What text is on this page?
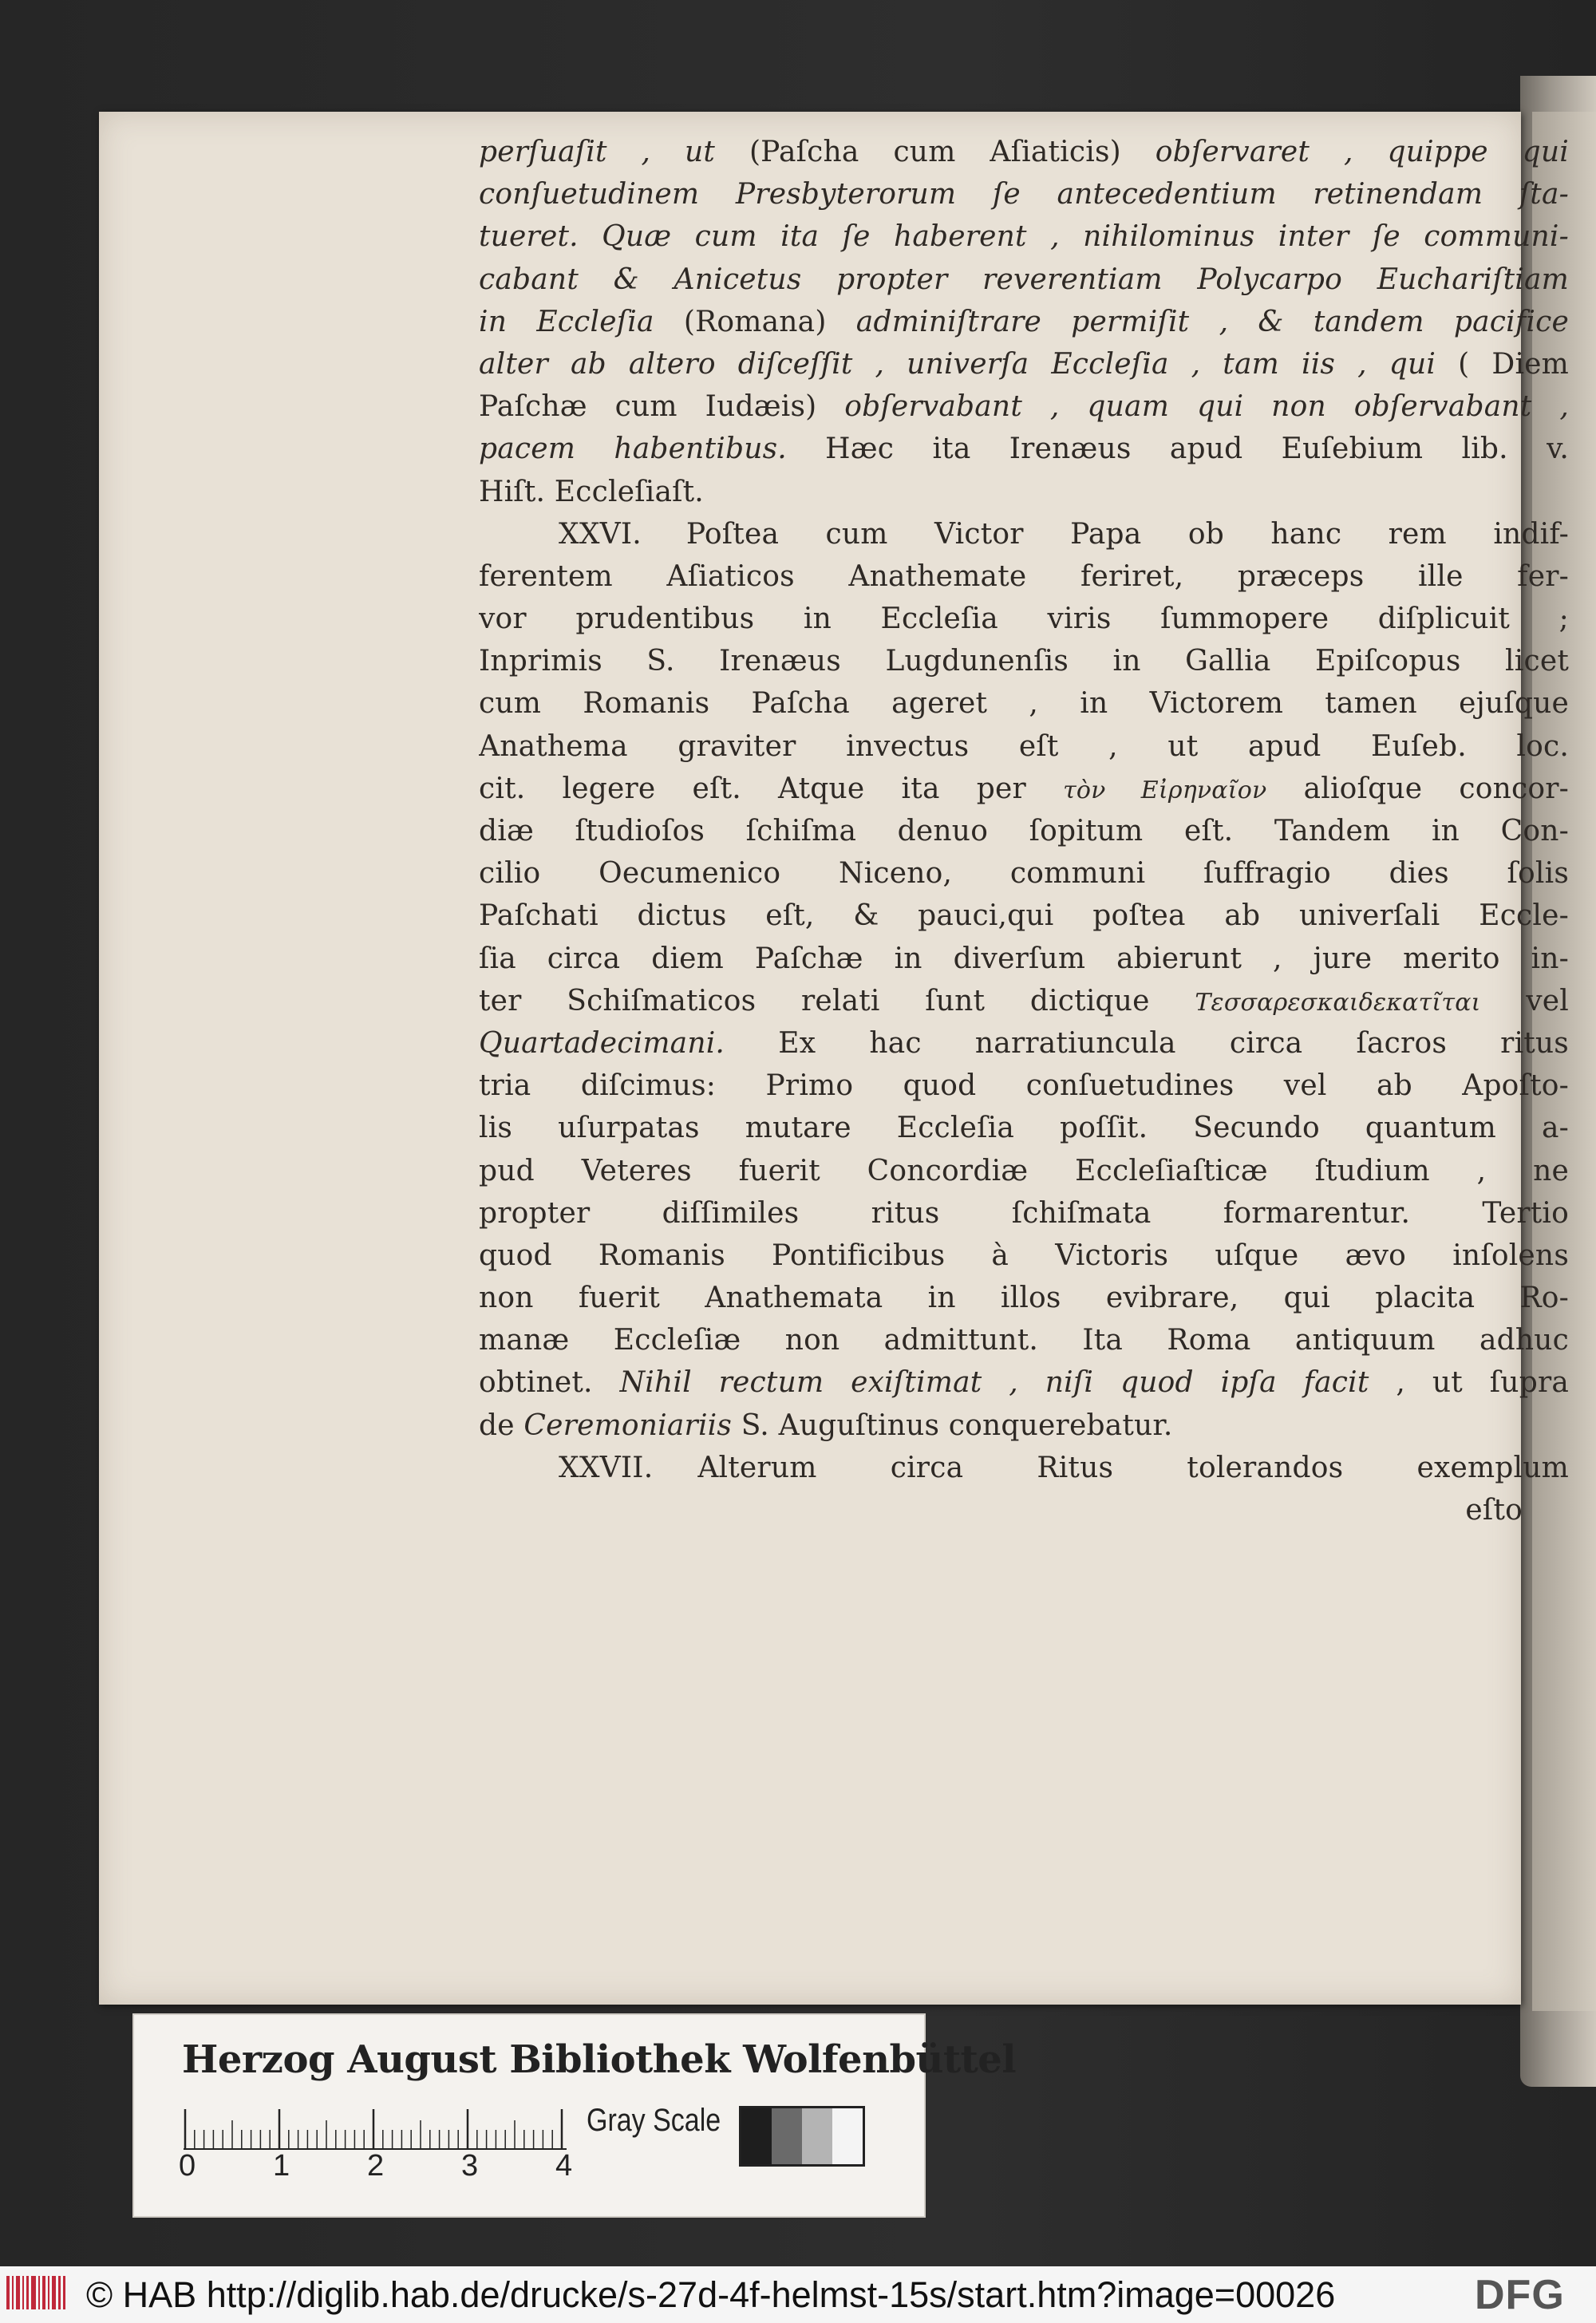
perſuaſit , ut (Paſcha cum Aſiaticis) obſervaret , quippe qui
conſuetudinem Presbyterorum ſe antecedentium retinendam ſta-
tueret. Quæ cum ita ſe haberent , nihilominus inter ſe communi-
cabant & Anicetus propter reverentiam Polycarpo Euchariſtiam
in Eccleſia (Romana) adminiſtrare permiſit , & tandem pacifice
alter ab altero diſceſſit , univerſa Eccleſia , tam iis , qui ( Diem
Paſchæ cum Iudæis) obſervabant , quam qui non obſervabant ,
pacem habentibus. Hæc ita Irenæus apud Euſebium lib. v.
Hiſt. Eccleſiaſt.
XXVI. Poſtea cum Victor Papa ob hanc rem indif-
ferentem Aſiaticos Anathemate feriret, præceps ille fer-
vor prudentibus in Eccleſia viris ſummopere diſplicuit ;
Inprimis S. Irenæus Lugdunenſis in Gallia Epiſcopus licet
cum Romanis Paſcha ageret , in Victorem tamen ejuſque
Anathema graviter invectus eſt , ut apud Euſeb. loc.
cit. legere eſt. Atque ita per τὸν Εἰρηναῖον alioſque concor-
diæ ſtudioſos ſchiſma denuo ſopitum eſt. Tandem in Con-
cilio Oecumenico Niceno, communi ſuffragio dies ſolis
Paſchati dictus eſt, & pauci,qui poſtea ab univerſali Eccle-
ſia circa diem Paſchæ in diverſum abierunt , jure merito in-
ter Schiſmaticos relati ſunt dictique Τεσσαρεσκαιδεκατῖται vel
Quartadecimani. Ex hac narratiuncula circa ſacros ritus
tria diſcimus: Primo quod conſuetudines vel ab Apoſto-
lis uſurpatas mutare Eccleſia poſſit. Secundo quantum a-
pud Veteres fuerit Concordiæ Eccleſiaſticæ ſtudium , ne
propter diſſimiles ritus ſchiſmata formarentur. Tertio
quod Romanis Pontificibus à Victoris uſque ævo inſolens
non fuerit Anathemata in illos evibrare, qui placita Ro-
manæ Eccleſiæ non admittunt. Ita Roma antiquum adhuc
obtinet. Nihil rectum exiſtimat , niſi quod ipſa facit , ut ſupra
de Ceremoniariis S. Auguſtinus conquerebatur.
XXVII. Alterum circa Ritus tolerandos exemplum
eſto
Herzog August Bibliothek Wolfenbüttel
0	1	2	3	4
Gray Scale
© HAB http://diglib.hab.de/drucke/s-27d-4f-helmst-15s/start.htm?image=00026	DFG
